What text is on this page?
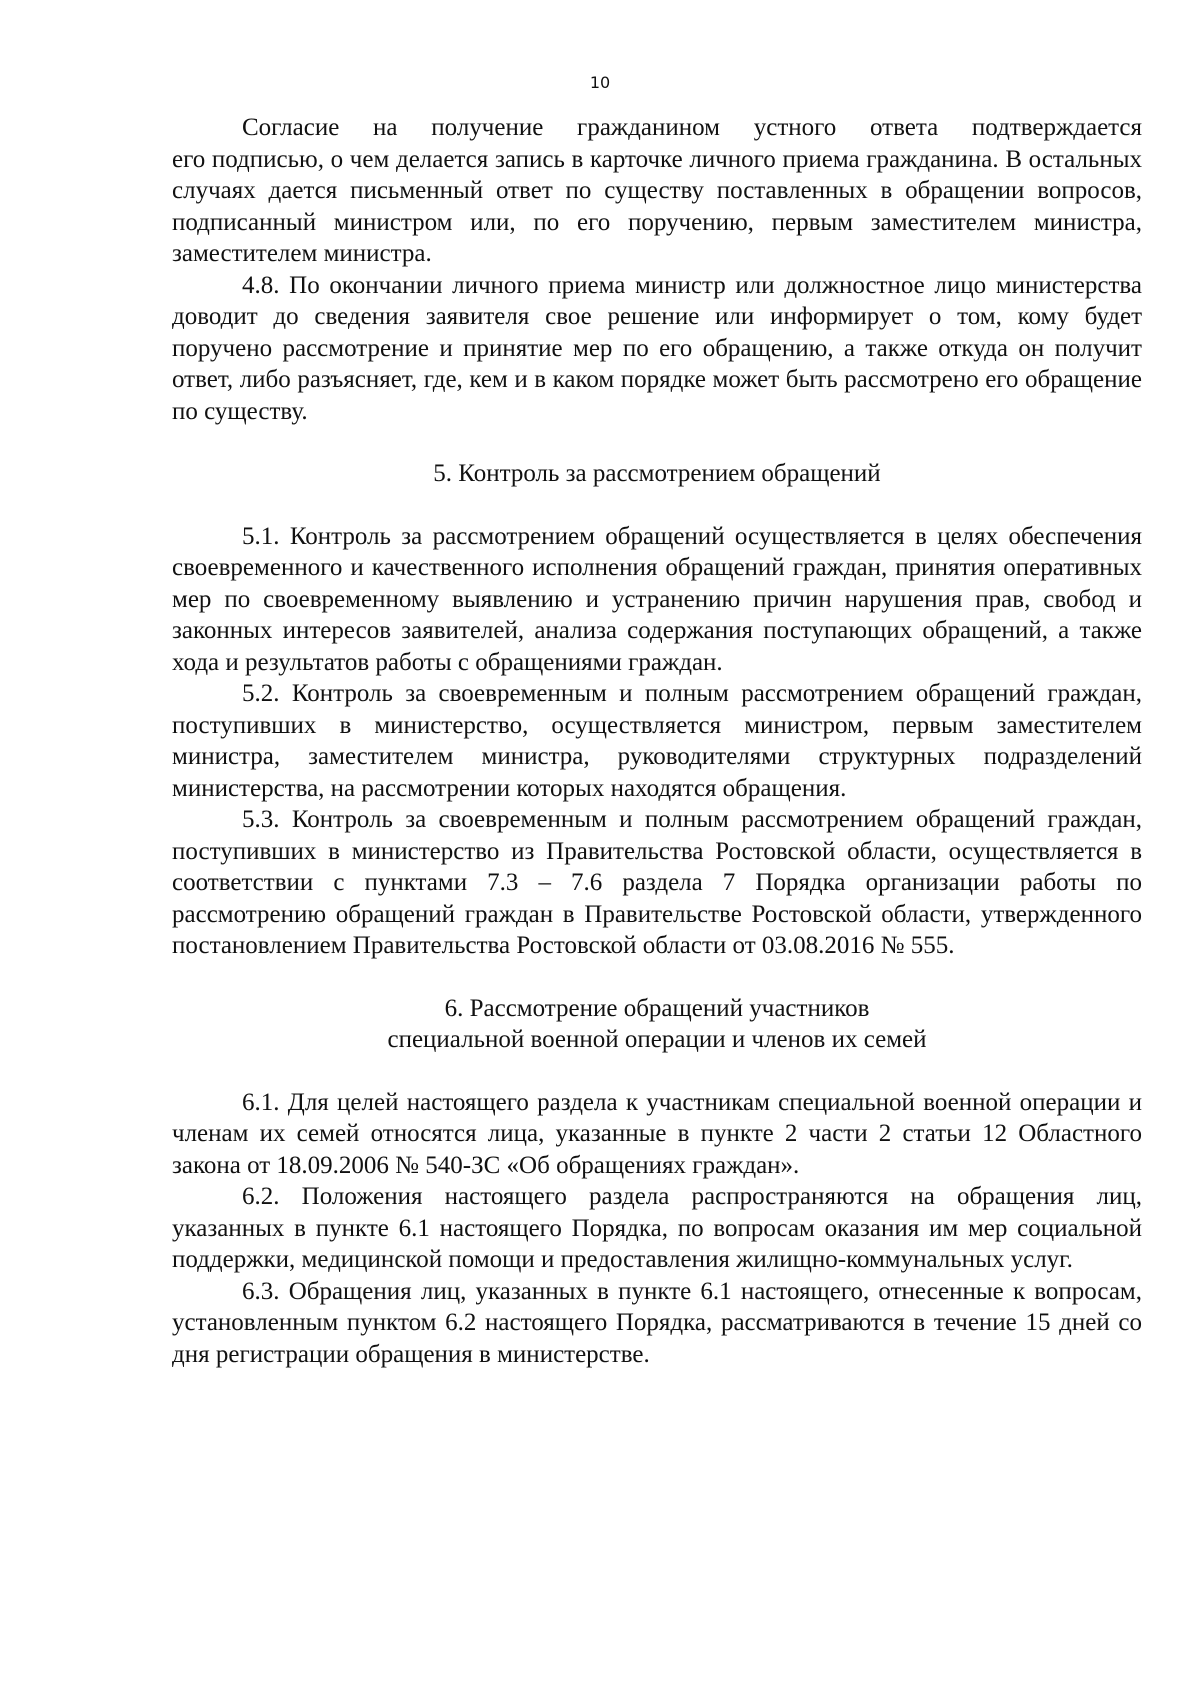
10

Согласие на получение гражданином устного ответа подтверждается

его подписью, о чем делается запись в карточке личного приема гражданина. В остальных случаях дается письменный ответ по существу поставленных в обращении вопросов, подписанный министром или, по его поручению, первым заместителем министра, заместителем министра.

4.8. По окончании личного приема министр или должностное лицо министерства доводит до сведения заявителя свое решение или информирует о том, кому будет поручено рассмотрение и принятие мер по его обращению, а также откуда он получит ответ, либо разъясняет, где, кем и в каком порядке может быть рассмотрено его обращение по существу.

5. Контроль за рассмотрением обращений

5.1. Контроль за рассмотрением обращений осуществляется в целях обеспечения своевременного и качественного исполнения обращений граждан, принятия оперативных мер по своевременному выявлению и устранению причин нарушения прав, свобод и законных интересов заявителей, анализа содержания поступающих обращений, а также хода и результатов работы с обращениями граждан.

5.2. Контроль за своевременным и полным рассмотрением обращений граждан, поступивших в министерство, осуществляется министром, первым заместителем министра, заместителем министра, руководителями структурных подразделений министерства, на рассмотрении которых находятся обращения.

5.3. Контроль за своевременным и полным рассмотрением обращений граждан, поступивших в министерство из Правительства Ростовской области, осуществляется в соответствии с пунктами 7.3 – 7.6 раздела 7 Порядка организации работы по рассмотрению обращений граждан в Правительстве Ростовской области, утвержденного постановлением Правительства Ростовской области от 03.08.2016 № 555.

6. Рассмотрение обращений участников
специальной военной операции и членов их семей

6.1. Для целей настоящего раздела к участникам специальной военной операции и членам их семей относятся лица, указанные в пункте 2 части 2 статьи 12 Областного закона от 18.09.2006 № 540-ЗС «Об обращениях граждан».

6.2. Положения настоящего раздела распространяются на обращения лиц, указанных в пункте 6.1 настоящего Порядка, по вопросам оказания им мер социальной поддержки, медицинской помощи и предоставления жилищно-коммунальных услуг.

6.3. Обращения лиц, указанных в пункте 6.1 настоящего, отнесенные к вопросам, установленным пунктом 6.2 настоящего Порядка, рассматриваются в течение 15 дней со дня регистрации обращения в министерстве.
